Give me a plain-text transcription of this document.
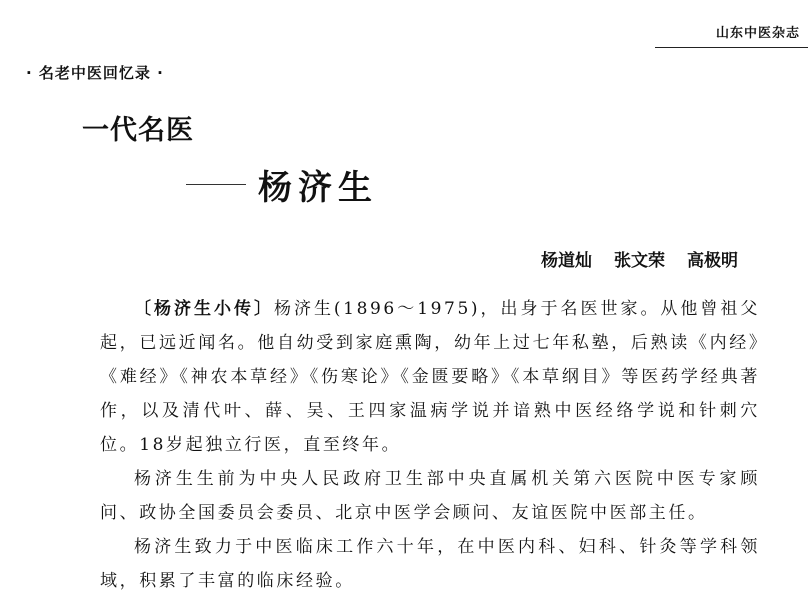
山东中医杂志
· 名老中医回忆录 ·
一代名医
杨济生
杨道灿 张文荣 高极明

〔杨济生小传〕杨济生(1896～1975)，出身于名医世家。从他曾祖父起，已远近闻名。他自幼受到家庭熏陶，幼年上过七年私塾，后熟读《内经》《难经》《神农本草经》《伤寒论》《金匮要略》《本草纲目》等医药学经典著作，以及清代叶、薛、吴、王四家温病学说并谙熟中医经络学说和针刺穴位。18岁起独立行医，直至终年。

杨济生生前为中央人民政府卫生部中央直属机关第六医院中医专家顾问、政协全国委员会委员、北京中医学会顾问、友谊医院中医部主任。

杨济生致力于中医临床工作六十年，在中医内科、妇科、针灸等学科领域，积累了丰富的临床经验。
